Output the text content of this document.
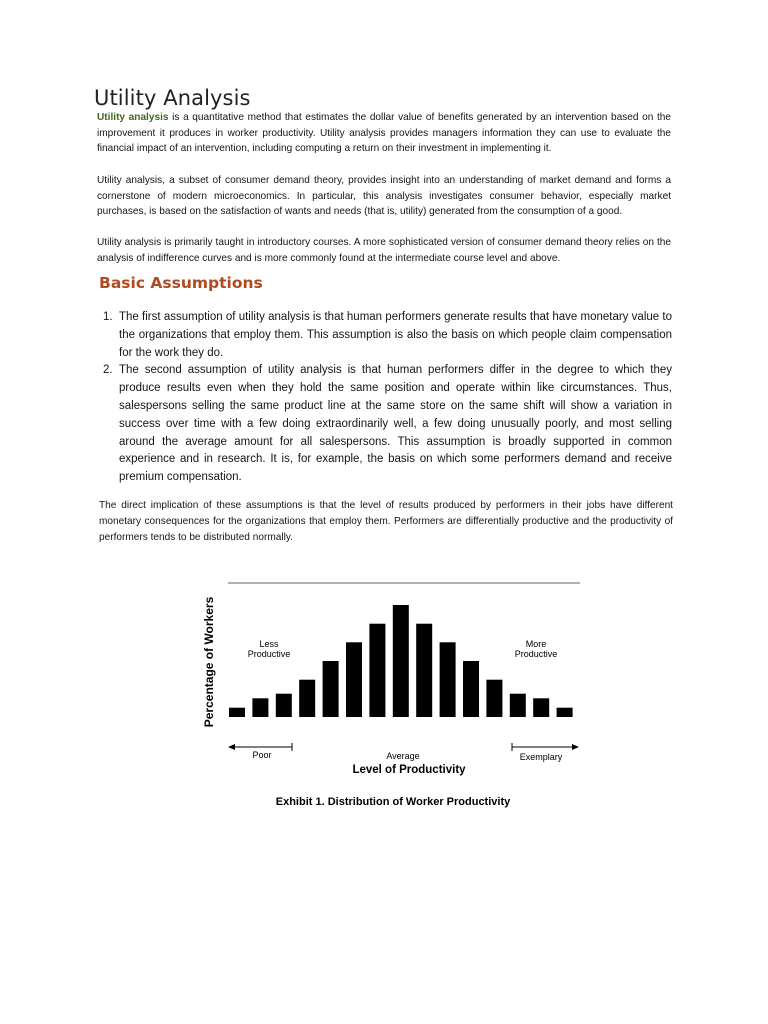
Utility Analysis

Utility analysis is a quantitative method that estimates the dollar value of benefits generated by an intervention based on the improvement it produces in worker productivity. Utility analysis provides managers information they can use to evaluate the financial impact of an intervention, including computing a return on their investment in implementing it.

Utility analysis, a subset of consumer demand theory, provides insight into an understanding of market demand and forms a cornerstone of modern microeconomics. In particular, this analysis investigates consumer behavior, especially market purchases, is based on the satisfaction of wants and needs (that is, utility) generated from the consumption of a good.

Utility analysis is primarily taught in introductory courses. A more sophisticated version of consumer demand theory relies on the analysis of indifference curves and is more commonly found at the intermediate course level and above.

Basic Assumptions
1. The first assumption of utility analysis is that human performers generate results that have monetary value to the organizations that employ them. This assumption is also the basis on which people claim compensation for the work they do.
2. The second assumption of utility analysis is that human performers differ in the degree to which they produce results even when they hold the same position and operate within like circumstances. Thus, salespersons selling the same product line at the same store on the same shift will show a variation in success over time with a few doing extraordinarily well, a few doing unusually poorly, and most selling around the average amount for all salespersons. This assumption is broadly supported in common experience and in research. It is, for example, the basis on which some performers demand and receive premium compensation.

The direct implication of these assumptions is that the level of results produced by performers in their jobs have different monetary consequences for the organizations that employ them. Performers are differentially productive and the productivity of performers tends to be distributed normally.

Percentage of Workers	Less
Productive
More
Productive
Poor	Average	Exemplary
Level of Productivity
Exhibit 1. Distribution of Worker Productivity
